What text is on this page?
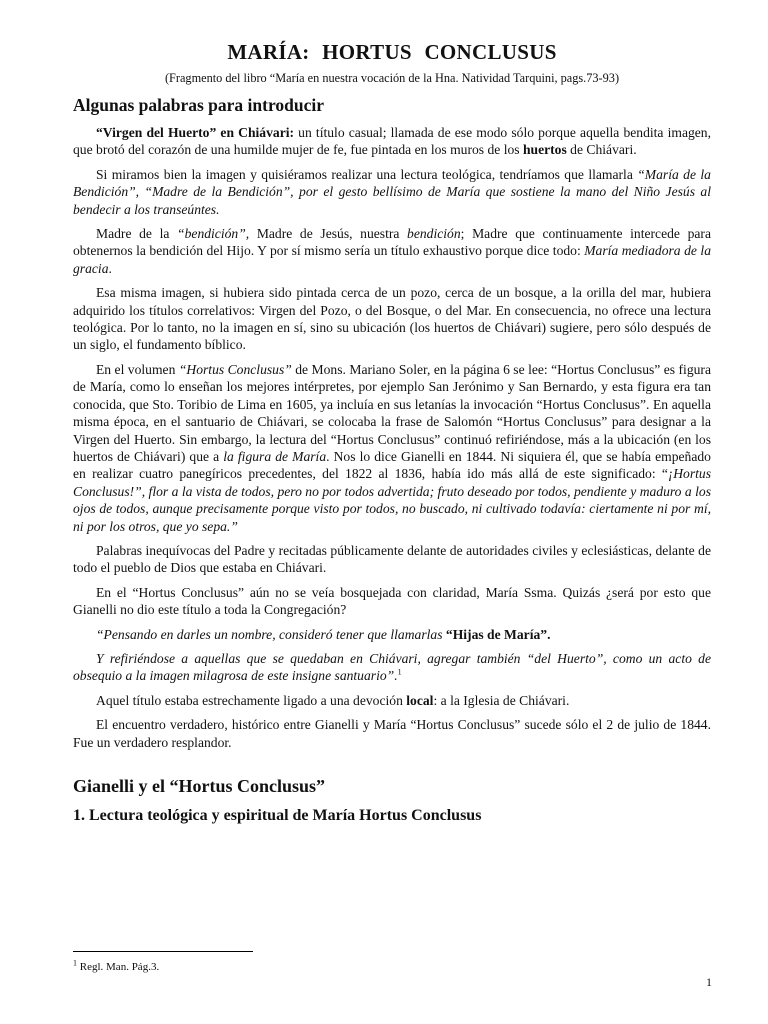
MARÍA: HORTUS CONCLUSUS
(Fragmento del libro “María en nuestra vocación de la Hna. Natividad Tarquini, pags.73-93)
Algunas palabras para introducir

“Virgen del Huerto” en Chiávari: un título casual; llamada de ese modo sólo porque aquella bendita imagen, que brotó del corazón de una humilde mujer de fe, fue pintada en los muros de los huertos de Chiávari.

Si miramos bien la imagen y quisiéramos realizar una lectura teológica, tendríamos que llamarla “María de la Bendición”, “Madre de la Bendición”, por el gesto bellísimo de María que sostiene la mano del Niño Jesús al bendecir a los transeúntes.

Madre de la “bendición”, Madre de Jesús, nuestra bendición; Madre que continuamente intercede para obtenernos la bendición del Hijo. Y por sí mismo sería un título exhaustivo porque dice todo: María mediadora de la gracia.

Esa misma imagen, si hubiera sido pintada cerca de un pozo, cerca de un bosque, a la orilla del mar, hubiera adquirido los títulos correlativos: Virgen del Pozo, o del Bosque, o del Mar. En consecuencia, no ofrece una lectura teológica. Por lo tanto, no la imagen en sí, sino su ubicación (los huertos de Chiávari) sugiere, pero sólo después de un siglo, el fundamento bíblico.

En el volumen “Hortus Conclusus” de Mons. Mariano Soler, en la página 6 se lee: “Hortus Conclusus” es figura de María, como lo enseñan los mejores intérpretes, por ejemplo San Jerónimo y San Bernardo, y esta figura era tan conocida, que Sto. Toribio de Lima en 1605, ya incluía en sus letanías la invocación “Hortus Conclusus”. En aquella misma época, en el santuario de Chiávari, se colocaba la frase de Salomón “Hortus Conclusus” para designar a la Virgen del Huerto. Sin embargo, la lectura del “Hortus Conclusus” continuó refiriéndose, más a la ubicación (en los huertos de Chiávari) que a la figura de María. Nos lo dice Gianelli en 1844. Ni siquiera él, que se había empeñado en realizar cuatro panegíricos precedentes, del 1822 al 1836, había ido más allá de este significado: “¡Hortus Conclusus!”, flor a la vista de todos, pero no por todos advertida; fruto deseado por todos, pendiente y maduro a los ojos de todos, aunque precisamente porque visto por todos, no buscado, ni cultivado todavía: ciertamente ni por mí, ni por los otros, que yo sepa.”

Palabras inequívocas del Padre y recitadas públicamente delante de autoridades civiles y eclesiásticas, delante de todo el pueblo de Dios que estaba en Chiávari.

En el “Hortus Conclusus” aún no se veía bosquejada con claridad, María Ssma. Quizás ¿será por esto que Gianelli no dio este título a toda la Congregación?

“Pensando en darles un nombre, consideró tener que llamarlas “Hijas de María”.

Y refiriéndose a aquellas que se quedaban en Chiávari, agregar también “del Huerto”, como un acto de obsequio a la imagen milagrosa de este insigne santuario”.$^1$

Aquel título estaba estrechamente ligado a una devoción local: a la Iglesia de Chiávari.

El encuentro verdadero, histórico entre Gianelli y María “Hortus Conclusus” sucede sólo el 2 de julio de 1844. Fue un verdadero resplandor.

Gianelli y el “Hortus Conclusus”
1. Lectura teológica y espiritual de María Hortus Conclusus
$^1$ Regl. Man. Pág.3.
1
